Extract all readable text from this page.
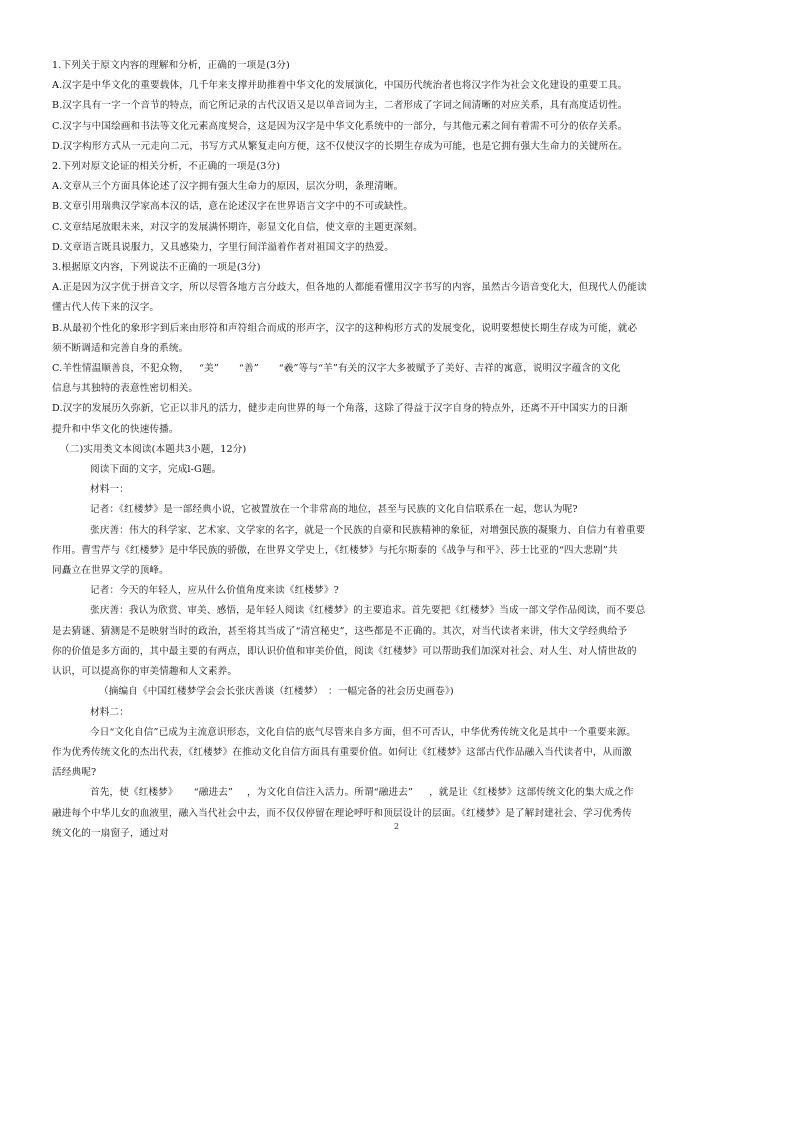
1.下列关于原文内容的理解和分析，正确的一项是(3分)

A.汉字是中华文化的重要载体，几千年来支撑并助推着中华文化的发展演化，中国历代统治者也将汉字作为社会文化建设的重要工具。

B.汉字具有一字一个音节的特点，而它所记录的古代汉语又是以单音词为主，二者形成了字词之间清晰的对应关系，具有高度适切性。

C.汉字与中国绘画和书法等文化元素高度契合，这是因为汉字是中华文化系统中的一部分，与其他元素之间有着需不可分的依存关系。

D.汉字构形方式从一元走向二元，书写方式从繁复走向方便，这不仅使汉字的长期生存成为可能，也是它拥有强大生命力的关键所在。

2.下列对原文论证的相关分析，不正确的一项是(3分)

A.文章从三个方面具体论述了汉字拥有强大生命力的原因，层次分明，条理清晰。

B.文章引用瑞典汉学家高本汉的话，意在论述汉字在世界语言文字中的不可或缺性。

C.文章结尾放眼未来，对汉字的发展满怀期许，彰显文化自信，使文章的主题更深刻。

D.文章语言既具说服力，又具感染力，字里行间洋溢着作者对祖国文字的热爱。

3.根据原文内容，下列说法不正确的一项是(3分)

A.正是因为汉字优于拼音文字，所以尽管各地方言分歧大，但各地的人都能看懂用汉字书写的内容，虽然古今语音变化大，但现代人仍能读

懂古代人传下来的汉字。

B.从最初个性化的象形字到后来由形符和声符组合而成的形声字，汉字的这种构形方式的发展变化，说明要想使长期生存成为可能，就必

须不断调适和完善自身的系统。

C.羊性情温顺善良，不犯众物， “美” “善” “羲”等与“羊”有关的汉字大多被赋予了美好、吉祥的寓意，说明汉字蕴含的文化

信息与其独特的表意性密切相关。

D.汉字的发展历久弥新，它正以非凡的活力，健步走向世界的每一个角落，这除了得益于汉字自身的特点外，还离不开中国实力的日渐

提升和中华文化的快速传播。

（二)实用类文本阅读(本题共3小题，12分)

阅读下面的文字，完成l-G题。

材料一：

记者：《红楼梦》是一部经典小说，它被置放在一个非常高的地位，甚至与民族的文化自信联系在一起，您认为呢?

张庆善：伟大的科学家、艺术家、文学家的名字，就是一个民族的自豪和民族精神的象征，对增强民族的凝聚力、自信力有着重要

作用。曹雪芹与《红楼梦》是中华民族的骄傲，在世界文学史上，《红楼梦》与托尔斯泰的《战争与和平》、莎士比亚的“四大悲剧”共

同矗立在世界文学的顶峰。

记者：今天的年轻人，应从什么价值角度来读《红楼梦》?

张庆善：我认为欣赏、审美、感悟，是年轻人阅读《红楼梦》的主要追求。首先要把《红楼梦》当成一部文学作品阅读，而不要总

是去猜谜、猜测是不是映射当时的政治，甚至将其当成了“清宫秘史”，这些都是不正确的。其次，对当代读者来讲，伟大文学经典给予

你的价值是多方面的，其中最主要的有两点，即认识价值和审美价值，阅读《红楼梦》可以帮助我们加深对社会、对人生、对人情世故的

认识，可以提高你的审美情趣和人文素养。

（摘编自《中国红楼梦学会会长张庆善谈（红楼梦）　：一幅完备的社会历史画卷》)

材料二：

今日“文化自信”已成为主流意识形态，文化自信的底气尽管来自多方面，但不可否认，中华优秀传统文化是其中一个重要来源。

作为优秀传统文化的杰出代表，《红楼梦》在推动文化自信方面具有重要价值。如何让《红楼梦》这部古代作品融入当代读者中，从而激

活经典呢?

首先，使《红楼梦》 “融进去” ，为文化自信注入活力。所谓“融进去” ，就是让《红楼梦》这部传统文化的集大成之作

融进每个中华儿女的血液里，融入当代社会中去，而不仅仅停留在理论呼吁和顶层设计的层面。《红楼梦》是了解封建社会、学习优秀传

统文化的一扇窗子，通过对

2
